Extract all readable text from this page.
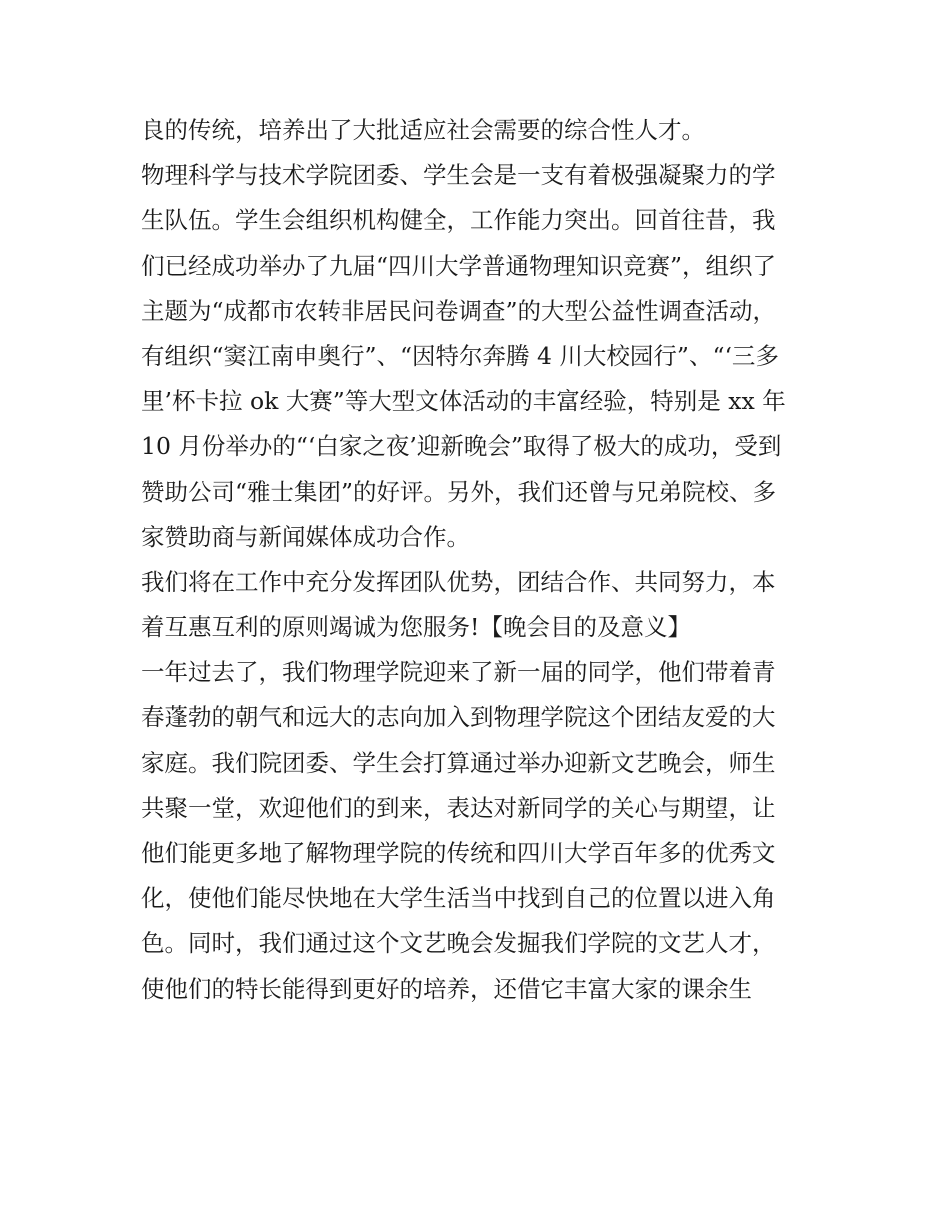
良的传统，培养出了大批适应社会需要的综合性人才。
物理科学与技术学院团委、学生会是一支有着极强凝聚力的学
生队伍。学生会组织机构健全，工作能力突出。回首往昔，我
们已经成功举办了九届“四川大学普通物理知识竞赛”，组织了
主题为“成都市农转非居民问卷调查”的大型公益性调查活动，
有组织“窦江南申奥行”、“因特尔奔腾 4 川大校园行”、“‘三多
里’杯卡拉 ok 大赛”等大型文体活动的丰富经验，特别是 xx 年
10 月份举办的“‘白家之夜’迎新晚会”取得了极大的成功，受到
赞助公司“雅士集团”的好评。另外，我们还曾与兄弟院校、多
家赞助商与新闻媒体成功合作。
我们将在工作中充分发挥团队优势，团结合作、共同努力，本
着互惠互利的原则竭诚为您服务!【晚会目的及意义】
一年过去了，我们物理学院迎来了新一届的同学，他们带着青
春蓬勃的朝气和远大的志向加入到物理学院这个团结友爱的大
家庭。我们院团委、学生会打算通过举办迎新文艺晚会，师生
共聚一堂，欢迎他们的到来，表达对新同学的关心与期望，让
他们能更多地了解物理学院的传统和四川大学百年多的优秀文
化，使他们能尽快地在大学生活当中找到自己的位置以进入角
色。同时，我们通过这个文艺晚会发掘我们学院的文艺人才，
使他们的特长能得到更好的培养，还借它丰富大家的课余生
